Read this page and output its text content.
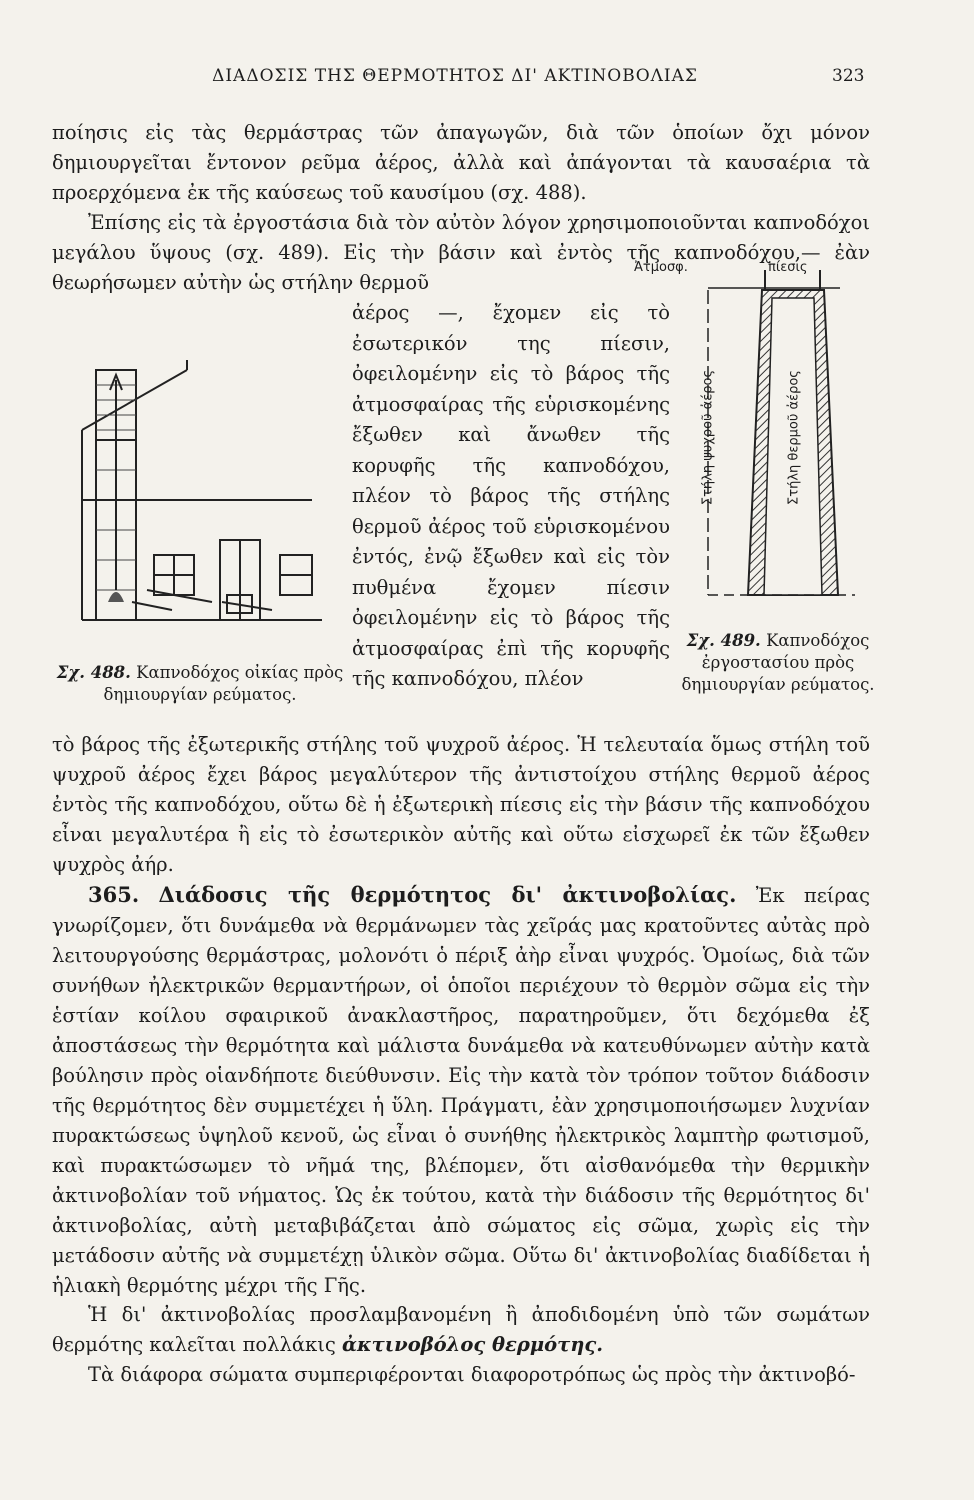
ΔΙΑΔΟΣΙΣ ΤΗΣ ΘΕΡΜΟΤΗΤΟΣ ΔΙ' ΑΚΤΙΝΟΒΟΛΙΑΣ	323

ποίησις εἰς τὰς θερμάστρας τῶν ἀπαγωγῶν, διὰ τῶν ὁποίων ὄχι μόνον δημιουργεῖται ἔντονον ρεῦμα ἀέρος, ἀλλὰ καὶ ἀπάγονται τὰ καυσαέρια τὰ προερχόμενα ἐκ τῆς καύσεως τοῦ καυσίμου (σχ. 488).

Ἐπίσης εἰς τὰ ἐργοστάσια διὰ τὸν αὐτὸν λόγον χρησιμοποιοῦνται καπνοδόχοι μεγάλου ὕψους (σχ. 489). Εἰς τὴν βάσιν καὶ ἐντὸς τῆς καπνοδόχου,— ἐὰν θεωρήσωμεν αὐτὴν ὡς στήλην θερμοῦ

ἀέρος —, ἔχομεν εἰς τὸ ἐσωτερικόν της πίεσιν, ὀφειλομένην εἰς τὸ βάρος τῆς ἀτμοσφαίρας τῆς εὑρισκομένης ἔξωθεν καὶ ἄνωθεν τῆς κορυφῆς τῆς καπνοδόχου, πλέον τὸ βάρος τῆς στήλης θερμοῦ ἀέρος τοῦ εὑρισκομένου ἐντός, ἐνῷ ἔξωθεν καὶ εἰς τὸν πυθμένα ἔχομεν πίεσιν ὀφειλομένην εἰς τὸ βάρος τῆς ἀτμοσφαίρας ἐπὶ τῆς κορυφῆς τῆς καπνοδόχου, πλέον

τὸ βάρος τῆς ἐξωτερικῆς στήλης τοῦ ψυχροῦ ἀέρος. Ἡ τελευταία ὅμως στήλη τοῦ ψυχροῦ ἀέρος ἔχει βάρος μεγαλύτερον τῆς ἀντιστοίχου στήλης θερμοῦ ἀέρος ἐντὸς τῆς καπνοδόχου, οὕτω δὲ ἡ ἐξωτερικὴ πίεσις εἰς τὴν βάσιν τῆς καπνοδόχου εἶναι μεγαλυτέρα ἢ εἰς τὸ ἐσωτερικὸν αὐτῆς καὶ οὕτω εἰσχωρεῖ ἐκ τῶν ἔξωθεν ψυχρὸς ἀήρ.

365. Διάδοσις τῆς θερμότητος δι' ἀκτινοβολίας. Ἐκ πείρας γνωρίζομεν, ὅτι δυνάμεθα νὰ θερμάνωμεν τὰς χεῖράς μας κρατοῦντες αὐτὰς πρὸ λειτουργούσης θερμάστρας, μολονότι ὁ πέριξ ἀὴρ εἶναι ψυχρός. Ὁμοίως, διὰ τῶν συνήθων ἠλεκτρικῶν θερμαντήρων, οἱ ὁποῖοι περιέχουν τὸ θερμὸν σῶμα εἰς τὴν ἑστίαν κοίλου σφαιρικοῦ ἀνακλαστῆρος, παρατηροῦμεν, ὅτι δεχόμεθα ἐξ ἀποστάσεως τὴν θερμότητα καὶ μάλιστα δυνάμεθα νὰ κατευθύνωμεν αὐτὴν κατὰ βούλησιν πρὸς οἱανδήποτε διεύθυνσιν. Εἰς τὴν κατὰ τὸν τρόπον τοῦτον διάδοσιν τῆς θερμότητος δὲν συμμετέχει ἡ ὕλη. Πράγματι, ἐὰν χρησιμοποιήσωμεν λυχνίαν πυρακτώσεως ὑψηλοῦ κενοῦ, ὡς εἶναι ὁ συνήθης ἠλεκτρικὸς λαμπτὴρ φωτισμοῦ, καὶ πυρακτώσωμεν τὸ νῆμά της, βλέπομεν, ὅτι αἰσθανόμεθα τὴν θερμικὴν ἀκτινοβολίαν τοῦ νήματος. Ὡς ἐκ τούτου, κατὰ τὴν διάδοσιν τῆς θερμότητος δι' ἀκτινοβολίας, αὐτὴ μεταβιβάζεται ἀπὸ σώματος εἰς σῶμα, χωρὶς εἰς τὴν μετάδοσιν αὐτῆς νὰ συμμετέχῃ ὑλικὸν σῶμα. Οὕτω δι' ἀκτινοβολίας διαδίδεται ἡ ἡλιακὴ θερμότης μέχρι τῆς Γῆς.

Ἡ δι' ἀκτινοβολίας προσλαμβανομένη ἢ ἀποδιδομένη ὑπὸ τῶν σωμάτων θερμότης καλεῖται πολλάκις ἀκτινοβόλος θερμότης.

Τὰ διάφορα σώματα συμπεριφέρονται διαφοροτρόπως ὡς πρὸς τὴν ἀκτινοβό-

Σχ. 488. Καπνοδόχος οἰκίας πρὸς δημιουργίαν ρεύματος.
Ἀτμοσφ.	πίεσις
Στήλη ψυχροῦ ἀέρος	Στήλη θερμοῦ ἀέρος
Σχ. 489. Καπνοδόχος ἐργοστασίου πρὸς δημιουργίαν ρεύματος.
